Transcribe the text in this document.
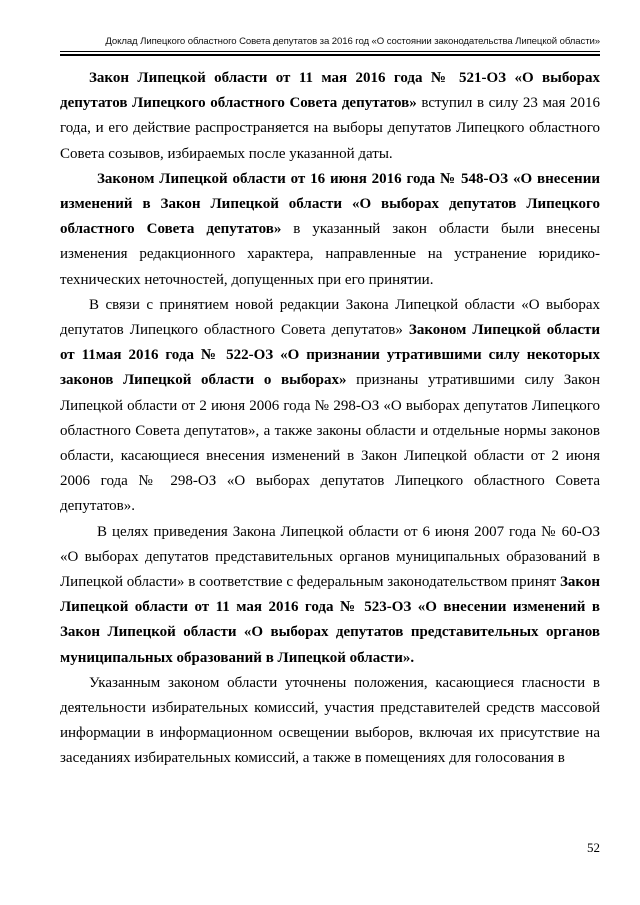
Доклад Липецкого областного Совета депутатов за 2016 год «О состоянии законодательства Липецкой области»

Закон Липецкой области от 11 мая 2016 года № 521-ОЗ «О выборах депутатов Липецкого областного Совета депутатов» вступил в силу 23 мая 2016 года, и его действие распространяется на выборы депутатов Липецкого областного Совета созывов, избираемых после указанной даты.

Законом Липецкой области от 16 июня 2016 года № 548-ОЗ «О внесении изменений в Закон Липецкой области «О выборах депутатов Липецкого областного Совета депутатов» в указанный закон области были внесены изменения редакционного характера, направленные на устранение юридико-технических неточностей, допущенных при его принятии.

В связи с принятием новой редакции Закона Липецкой области «О выборах депутатов Липецкого областного Совета депутатов» Законом Липецкой области от 11мая 2016 года № 522-ОЗ «О признании утратившими силу некоторых законов Липецкой области о выборах» признаны утратившими силу Закон Липецкой области от 2 июня 2006 года № 298-ОЗ «О выборах депутатов Липецкого областного Совета депутатов», а также законы области и отдельные нормы законов области, касающиеся внесения изменений в Закон Липецкой области от 2 июня 2006 года № 298-ОЗ «О выборах депутатов Липецкого областного Совета депутатов».

В целях приведения Закона Липецкой области от 6 июня 2007 года № 60-ОЗ «О выборах депутатов представительных органов муниципальных образований в Липецкой области» в соответствие с федеральным законодательством принят Закон Липецкой области от 11 мая 2016 года № 523-ОЗ «О внесении изменений в Закон Липецкой области «О выборах депутатов представительных органов муниципальных образований в Липецкой области».

Указанным законом области уточнены положения, касающиеся гласности в деятельности избирательных комиссий, участия представителей средств массовой информации в информационном освещении выборов, включая их присутствие на заседаниях избирательных комиссий, а также в помещениях для голосования в

52
